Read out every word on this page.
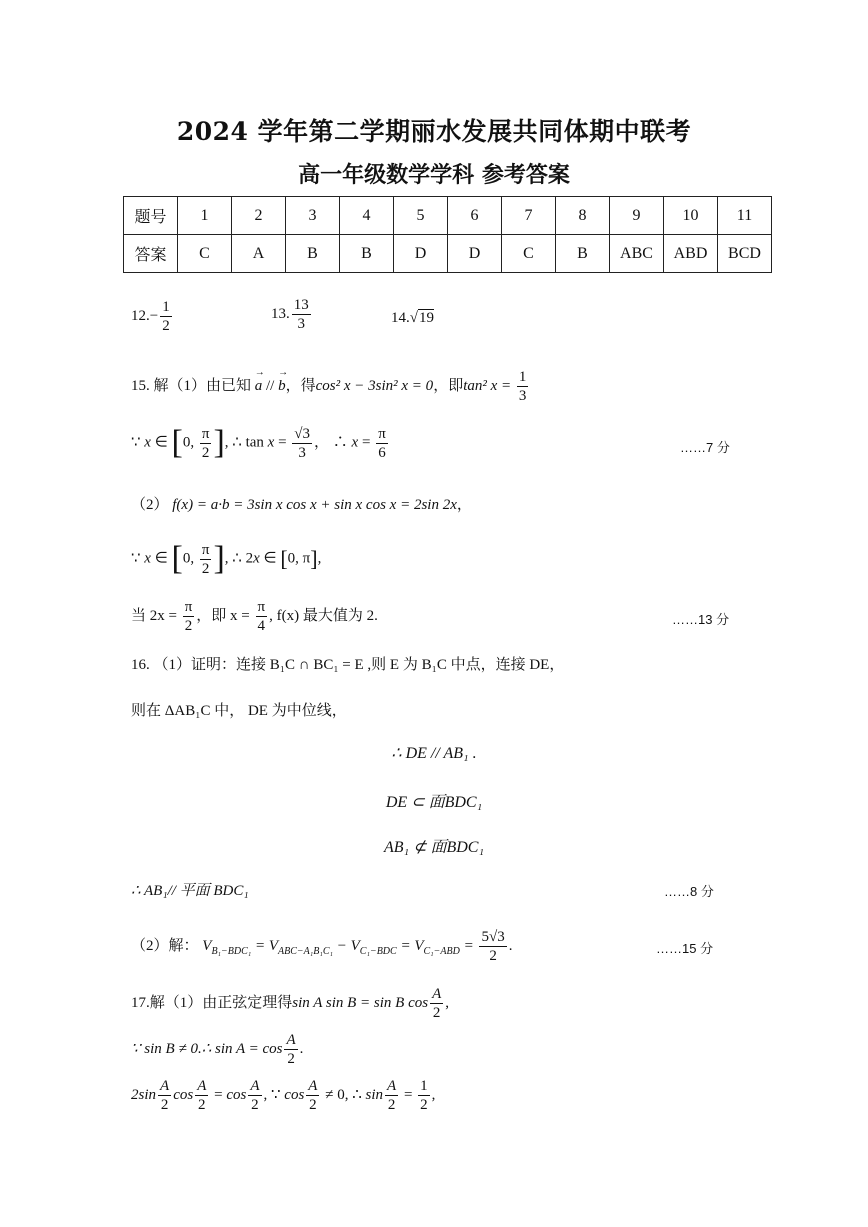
2024 学年第二学期丽水发展共同体期中联考
高一年级数学学科 参考答案
题号	1	2	3	4	5	6	7	8	9	10	11
答案	C	A	B	B	D	D	C	B	ABC	ABD	BCD
$12.- \frac{1}{2}$	13. $\frac{13}{3}$	14.√19
15. 解（1）由已知 → a // → b，得cos² x − 3sin² x = 0，即tan² $x = \frac{1}{3}$
∵ x ∈ [0, $\frac{\pi}{2}$ ], ∴ $\tan x = \frac{√3}{3}$ ， ∴ $x = \frac{\pi}{6}$	……7 分
（2） f(x) = a·b = 3sin x cos x + sin x cos x = 2sin 2x，
∵ x ∈ [0, $\frac{\pi}{2}$ ], ∴ 2x ∈ [0, π],
当 $2x = \frac{\pi}{2}$ ，即 $x = \frac{\pi}{4}$ , f(x) 最大值为 2.	……13 分
16. （1）证明：连接 B₁C ∩ BC₁ = E ,则 E 为 B₁C 中点，连接 DE，
则在 ΔAB₁C 中， DE 为中位线，
∴ DE // AB₁ .
DE ⊂ 面BDC₁
AB₁ ⊄ 面BDC₁
∴ AB₁// 平面 BDC₁	……8 分
（2）解： $V_{B_1-BDC_1} = V_{ABC-A_1B_1C_1} - V_{C_1-BDC} = V_{C_1-ABD} = \frac{5√3}{2}$ .	……15 分
17.解（1）由正弦定理得sin A sin B = sin B $\cos \frac{A}{2}$ ,
∵ sin B ≠ 0.∴ $\sin A = \cos \frac{A}{2}$ .
$2\sin \frac{A}{2}$ $\cos \frac{A}{2} = \cos \frac{A}{2}$ , ∵ $\cos \frac{A}{2} \ne 0$, ∴ $\sin \frac{A}{2} = \frac{1}{2}$ ,
